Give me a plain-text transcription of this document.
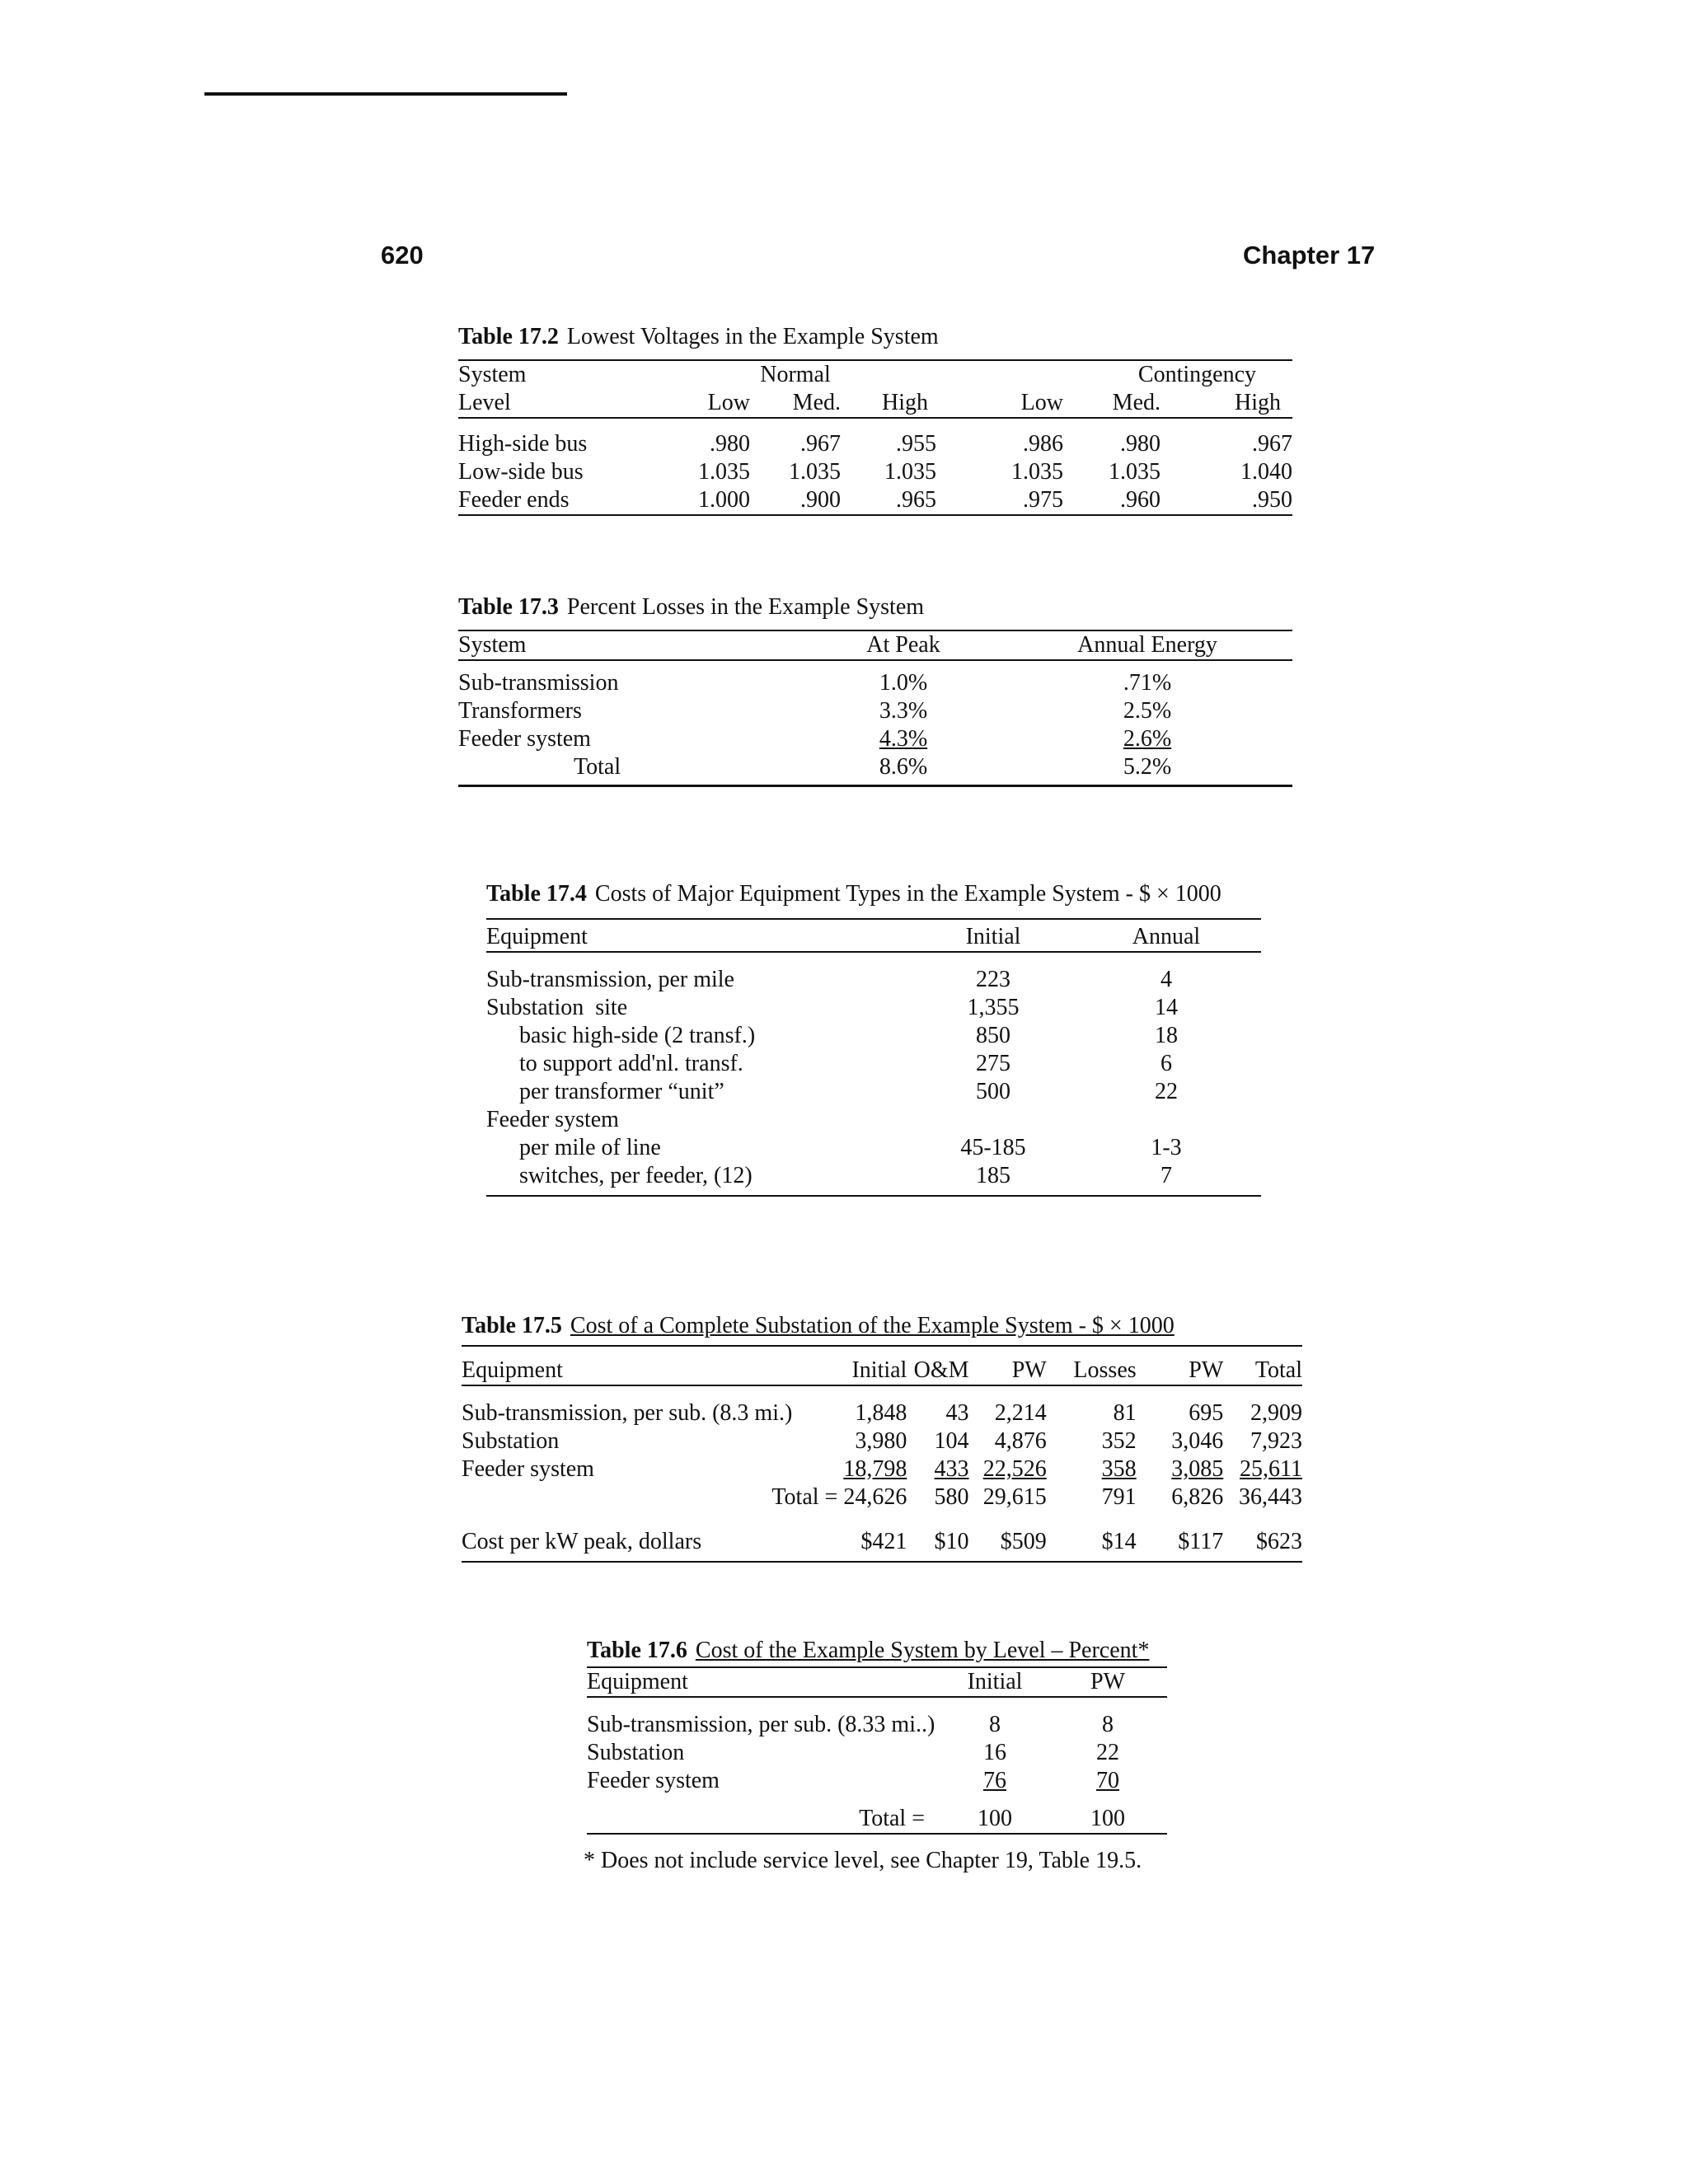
620	Chapter 17
Table 17.2 Lowest Voltages in the Example System
System		Normal			Contingency	
Level	Low	Med.	High	Low	Med.	High

High-side bus	.980	.967	.955	.986	.980	.967
Low-side bus	1.035	1.035	1.035	1.035	1.035	1.040
Feeder ends	1.000	.900	.965	.975	.960	.950
Table 17.3 Percent Losses in the Example System
System	At Peak	Annual Energy

Sub-transmission	1.0%	.71%
Transformers	3.3%	2.5%
Feeder system	4.3%	2.6%
Total	8.6%	5.2%
Table 17.4 Costs of Major Equipment Types in the Example System - $ × 1000
Equipment	Initial	Annual

Sub-transmission, per mile	223	4
Substation  site	1,355	14
basic high-side (2 transf.)	850	18
to support add'nl. transf.	275	6
per transformer “unit”	500	22
Feeder system		
per mile of line	45-185	1-3
switches, per feeder, (12)	185	7
Table 17.5 Cost of a Complete Substation of the Example System - $ × 1000
Equipment	Initial	O&M	PW	Losses	PW	Total

Sub-transmission, per sub. (8.3 mi.)	1,848	43	2,214	81	695	2,909
Substation	3,980	104	4,876	352	3,046	7,923
Feeder system	18,798	433	22,526	358	3,085	25,611
Total = 24,626		580	29,615	791	6,826	36,443

Cost per kW peak, dollars	$421	$10	$509	$14	$117	$623
Table 17.6 Cost of the Example System by Level – Percent*
Equipment	Initial	PW

Sub-transmission, per sub. (8.33 mi..)	8	8
Substation	16	22
Feeder system	76	70

Total =	100	100
* Does not include service level, see Chapter 19, Table 19.5.
